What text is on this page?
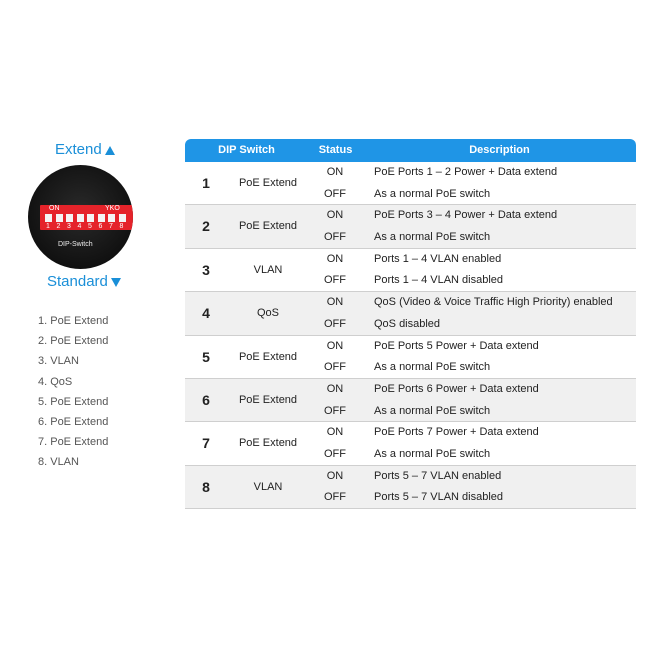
Extend
ON	YKO
DIP-Switch
1 2 3 4 5 6 7 8
Standard
1. PoE Extend
2. PoE Extend
3. VLAN
4. QoS
5. PoE Extend
6. PoE Extend
7. PoE Extend
8. VLAN
DIP Switch	Status	Description
1	PoE Extend
ON	PoE Ports 1 – 2 Power + Data extend
OFF	As a normal PoE switch
2	PoE Extend
ON	PoE Ports 3 – 4 Power + Data extend
OFF	As a normal PoE switch
3	VLAN
ON	Ports 1 – 4 VLAN enabled
OFF	Ports 1 – 4 VLAN disabled
4	QoS
ON	QoS (Video & Voice Traffic High Priority) enabled
OFF	QoS disabled
5	PoE Extend
ON	PoE Ports 5 Power + Data extend
OFF	As a normal PoE switch
6	PoE Extend
ON	PoE Ports 6 Power + Data extend
OFF	As a normal PoE switch
7	PoE Extend
ON	PoE Ports 7 Power + Data extend
OFF	As a normal PoE switch
8	VLAN
ON	Ports 5 – 7 VLAN enabled
OFF	Ports 5 – 7 VLAN disabled
